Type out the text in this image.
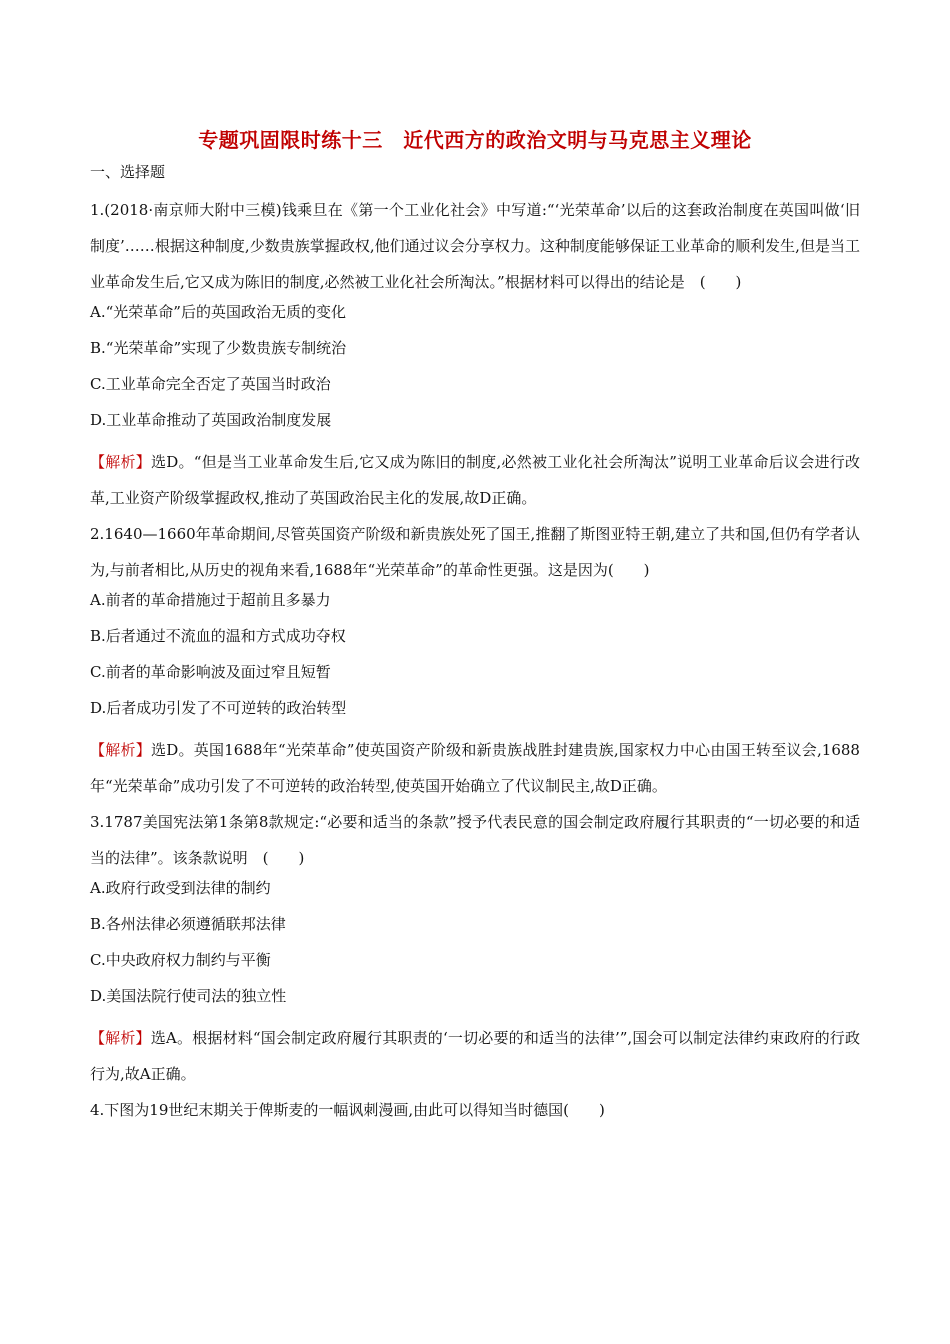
专题巩固限时练十三　近代西方的政治文明与马克思主义理论
一、选择题

1.(2018·南京师大附中三模)钱乘旦在《第一个工业化社会》中写道:“‘光荣革命’以后的这套政治制度在英国叫做‘旧制度’……根据这种制度,少数贵族掌握政权,他们通过议会分享权力。这种制度能够保证工业革命的顺利发生,但是当工业革命发生后,它又成为陈旧的制度,必然被工业化社会所淘汰。”根据材料可以得出的结论是　(　　)

A.“光荣革命”后的英国政治无质的变化
B.“光荣革命”实现了少数贵族专制统治
C.工业革命完全否定了英国当时政治
D.工业革命推动了英国政治制度发展

【解析】选D。“但是当工业革命发生后,它又成为陈旧的制度,必然被工业化社会所淘汰”说明工业革命后议会进行改革,工业资产阶级掌握政权,推动了英国政治民主化的发展,故D正确。

2.1640—1660年革命期间,尽管英国资产阶级和新贵族处死了国王,推翻了斯图亚特王朝,建立了共和国,但仍有学者认为,与前者相比,从历史的视角来看,1688年“光荣革命”的革命性更强。这是因为(　　)

A.前者的革命措施过于超前且多暴力
B.后者通过不流血的温和方式成功夺权
C.前者的革命影响波及面过窄且短暂
D.后者成功引发了不可逆转的政治转型

【解析】选D。英国1688年“光荣革命”使英国资产阶级和新贵族战胜封建贵族,国家权力中心由国王转至议会,1688年“光荣革命”成功引发了不可逆转的政治转型,使英国开始确立了代议制民主,故D正确。

3.1787美国宪法第1条第8款规定:“必要和适当的条款”授予代表民意的国会制定政府履行其职责的“一切必要的和适当的法律”。该条款说明　(　　)

A.政府行政受到法律的制约
B.各州法律必须遵循联邦法律
C.中央政府权力制约与平衡
D.美国法院行使司法的独立性

【解析】选A。根据材料“国会制定政府履行其职责的‘一切必要的和适当的法律’”,国会可以制定法律约束政府的行政行为,故A正确。

4.下图为19世纪末期关于俾斯麦的一幅讽刺漫画,由此可以得知当时德国(　　)
